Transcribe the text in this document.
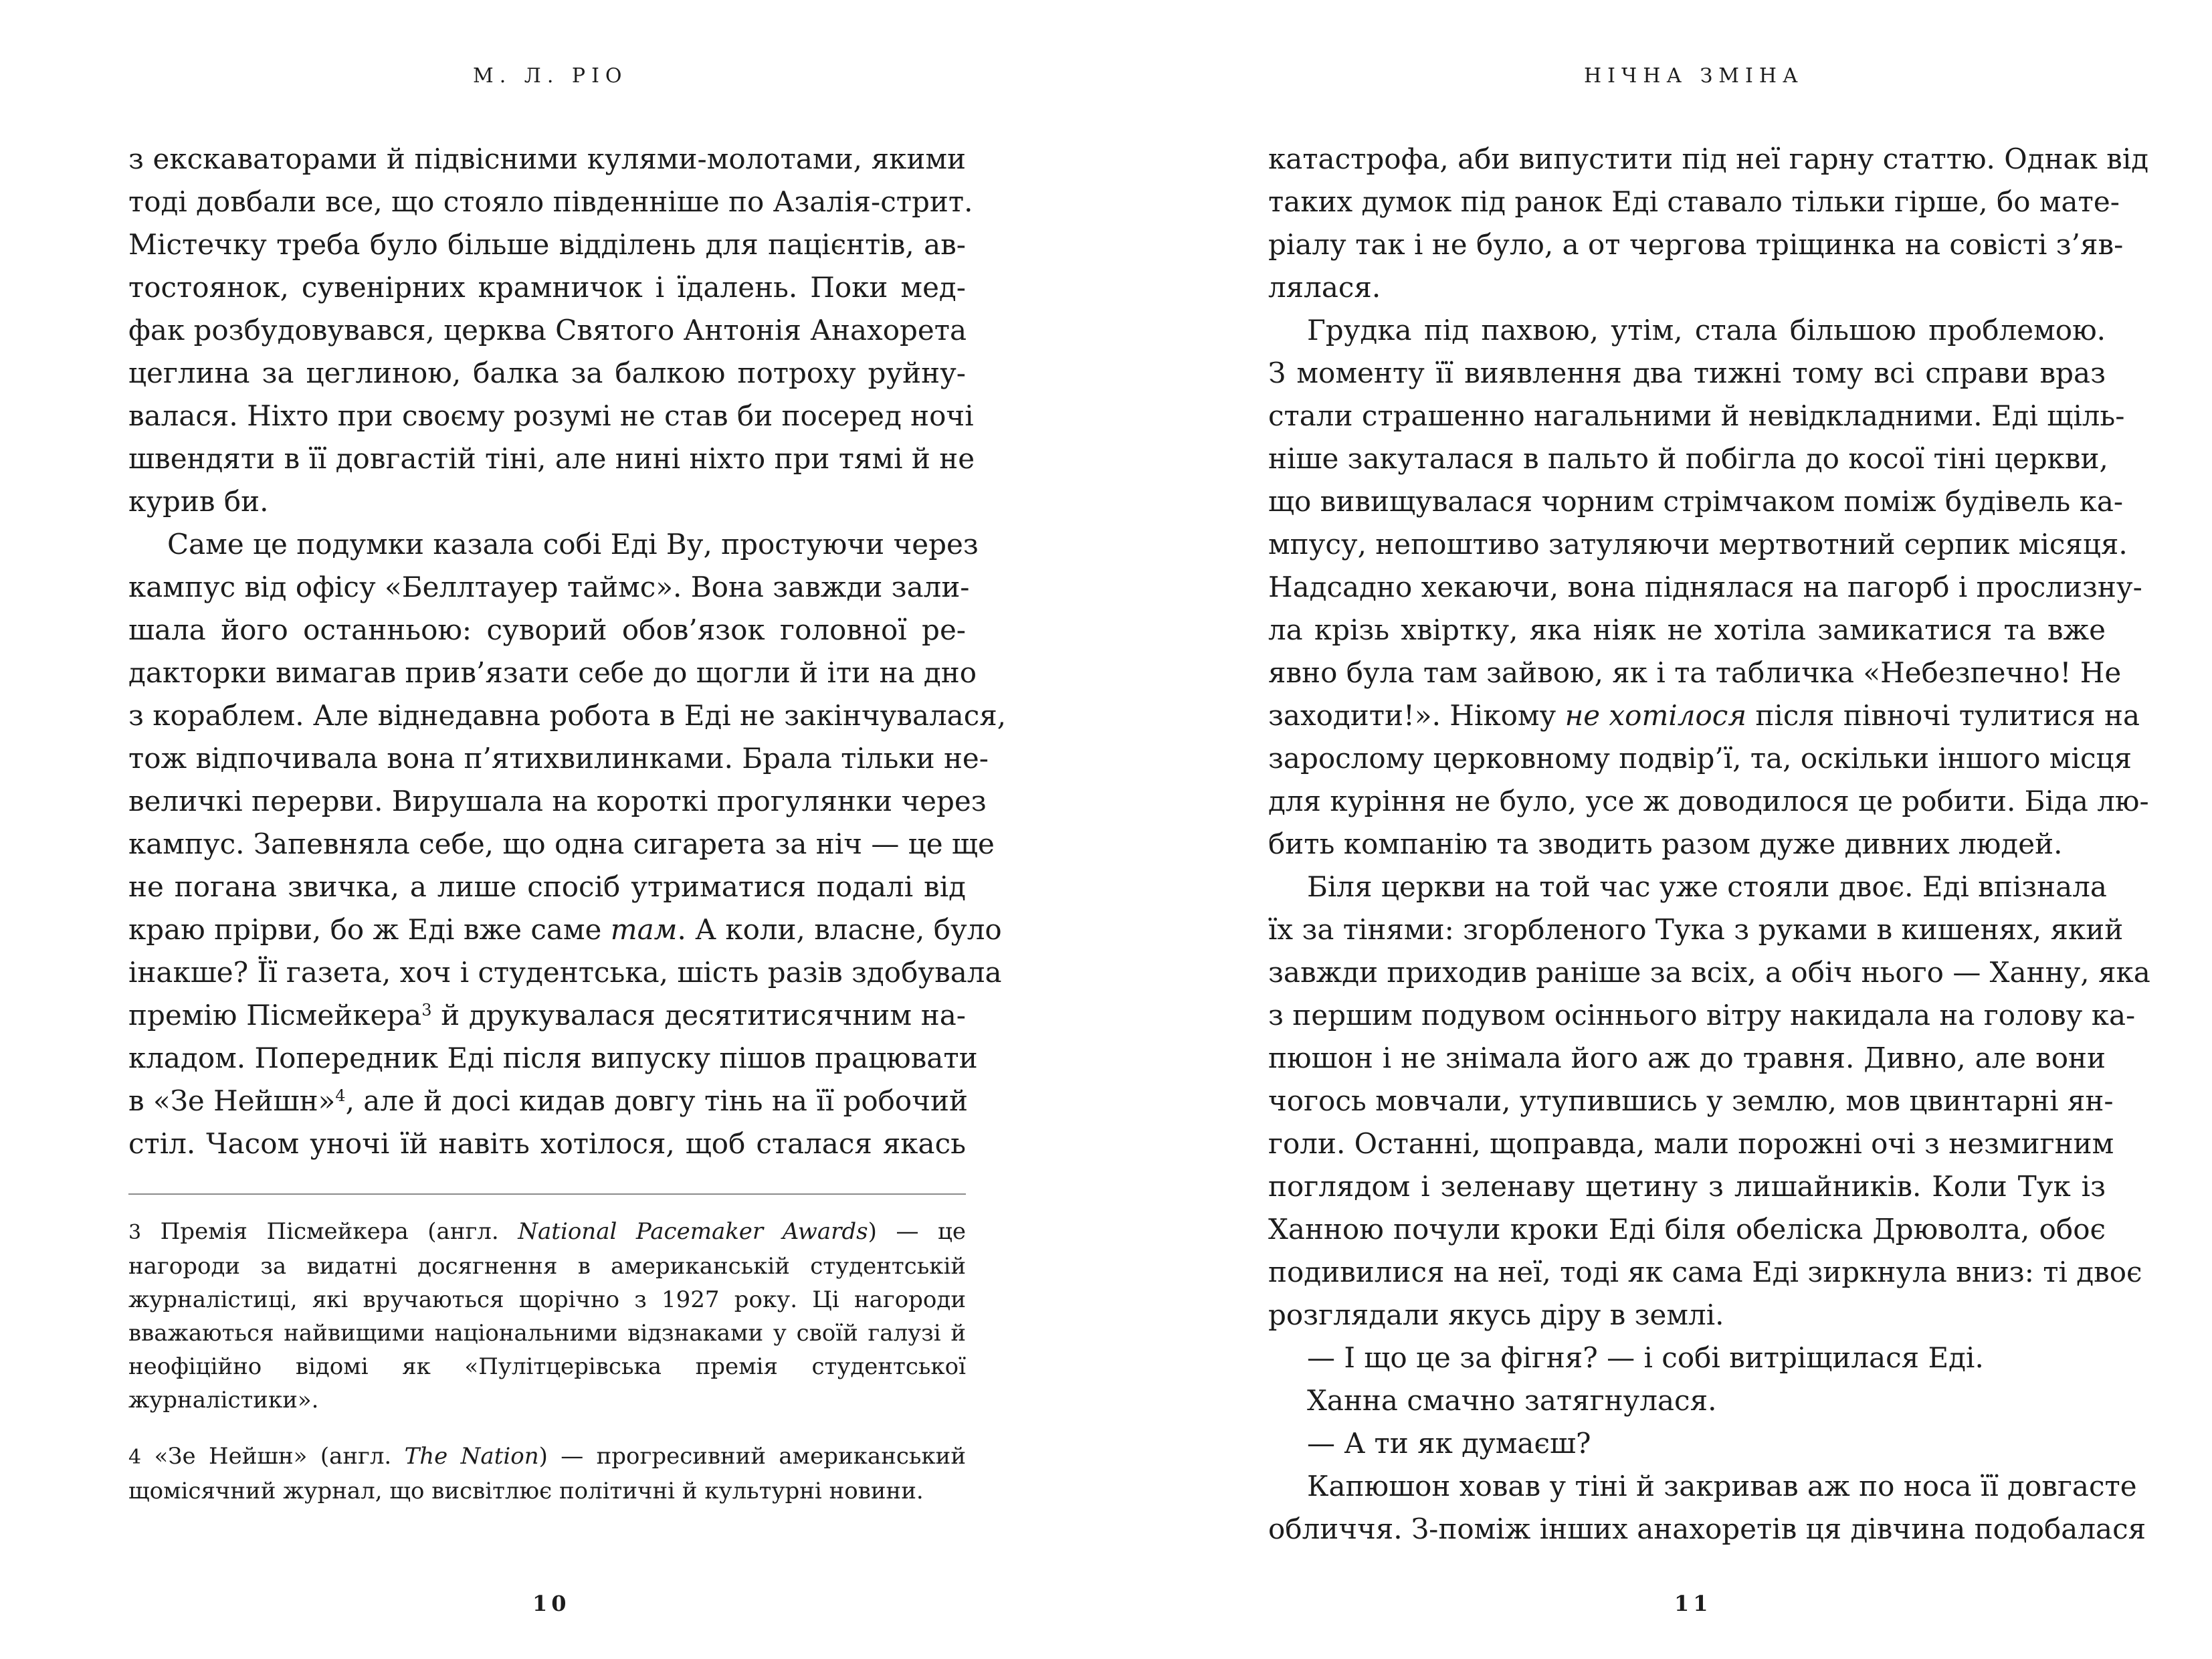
М. Л. РІО
з екскаваторами й підвісними кулями-молотами, якими
тоді довбали все, що стояло південніше по Азалія-стрит.
Містечку треба було більше відділень для пацієнтів, ав-
тостоянок, сувенірних крамничок і їдалень. Поки мед-
фак розбудовувався, церква Святого Антонія Анахорета
цеглина за цеглиною, балка за балкою потроху руйну-
валася. Ніхто при своєму розумі не став би посеред ночі
швендяти в її довгастій тіні, але нині ніхто при тямі й не
курив би.
Саме це подумки казала собі Еді Ву, простуючи через
кампус від офісу «Беллтауер таймс». Вона завжди зали-
шала його останньою: суворий обов’язок головної ре-
дакторки вимагав прив’язати себе до щогли й іти на дно
з кораблем. Але віднедавна робота в Еді не закінчувалася,
тож відпочивала вона п’ятихвилинками. Брала тільки не-
величкі перерви. Вирушала на короткі прогулянки через
кампус. Запевняла себе, що одна сигарета за ніч — це ще
не погана звичка, а лише спосіб утриматися подалі від
краю прірви, бо ж Еді вже саме там. А коли, власне, було
інакше? Її газета, хоч і студентська, шість разів здобувала
премію Пісмейкера$^3$ й друкувалася десятитисячним на-
кладом. Попередник Еді після випуску пішов працювати
в «Зе Нейшн»$^4$, але й досі кидав довгу тінь на її робочий
стіл. Часом уночі їй навіть хотілося, щоб сталася якась

3 Премія Пісмейкера (англ. National Pacemaker Awards) — це нагороди за видатні досягнення в американській студентській журналістиці, які вручаються щорічно з 1927 року. Ці нагороди вважаються найвищими національними відзнаками у своїй галузі й неофіційно відомі як «Пулітцерівська премія студентської журналістики».

4 «Зе Нейшн» (англ. The Nation) — прогресивний американський щомісячний журнал, що висвітлює політичні й культурні новини.

10
НІЧНА ЗМІНА
катастрофа, аби випустити під неї гарну статтю. Однак від
таких думок під ранок Еді ставало тільки гірше, бо мате-
ріалу так і не було, а от чергова тріщинка на совісті з’яв-
лялася.
Грудка під пахвою, утім, стала більшою проблемою.
З моменту її виявлення два тижні тому всі справи враз
стали страшенно нагальними й невідкладними. Еді щіль-
ніше закуталася в пальто й побігла до косої тіні церкви,
що вивищувалася чорним стрімчаком поміж будівель ка-
мпусу, непоштиво затуляючи мертвотний серпик місяця.
Надсадно хекаючи, вона піднялася на пагорб і прослизну-
ла крізь хвіртку, яка ніяк не хотіла замикатися та вже
явно була там зайвою, як і та табличка «Небезпечно! Не
заходити!». Нікому не хотілося після півночі тулитися на
зарослому церковному подвір’ї, та, оскільки іншого місця
для куріння не було, усе ж доводилося це робити. Біда лю-
бить компанію та зводить разом дуже дивних людей.
Біля церкви на той час уже стояли двоє. Еді впізнала
їх за тінями: згорбленого Тука з руками в кишенях, який
завжди приходив раніше за всіх, а обіч нього — Ханну, яка
з першим подувом осіннього вітру накидала на голову ка-
пюшон і не знімала його аж до травня. Дивно, але вони
чогось мовчали, утупившись у землю, мов цвинтарні ян-
голи. Останні, щоправда, мали порожні очі з незмигним
поглядом і зеленаву щетину з лишайників. Коли Тук із
Ханною почули кроки Еді біля обеліска Дрюволта, обоє
подивилися на неї, тоді як сама Еді зиркнула вниз: ті двоє
розглядали якусь діру в землі.
— І що це за фігня? — і собі витріщилася Еді.
Ханна смачно затягнулася.
— А ти як думаєш?
Капюшон ховав у тіні й закривав аж по носа її довгасте
обличчя. З-поміж інших анахоретів ця дівчина подобалася
11
